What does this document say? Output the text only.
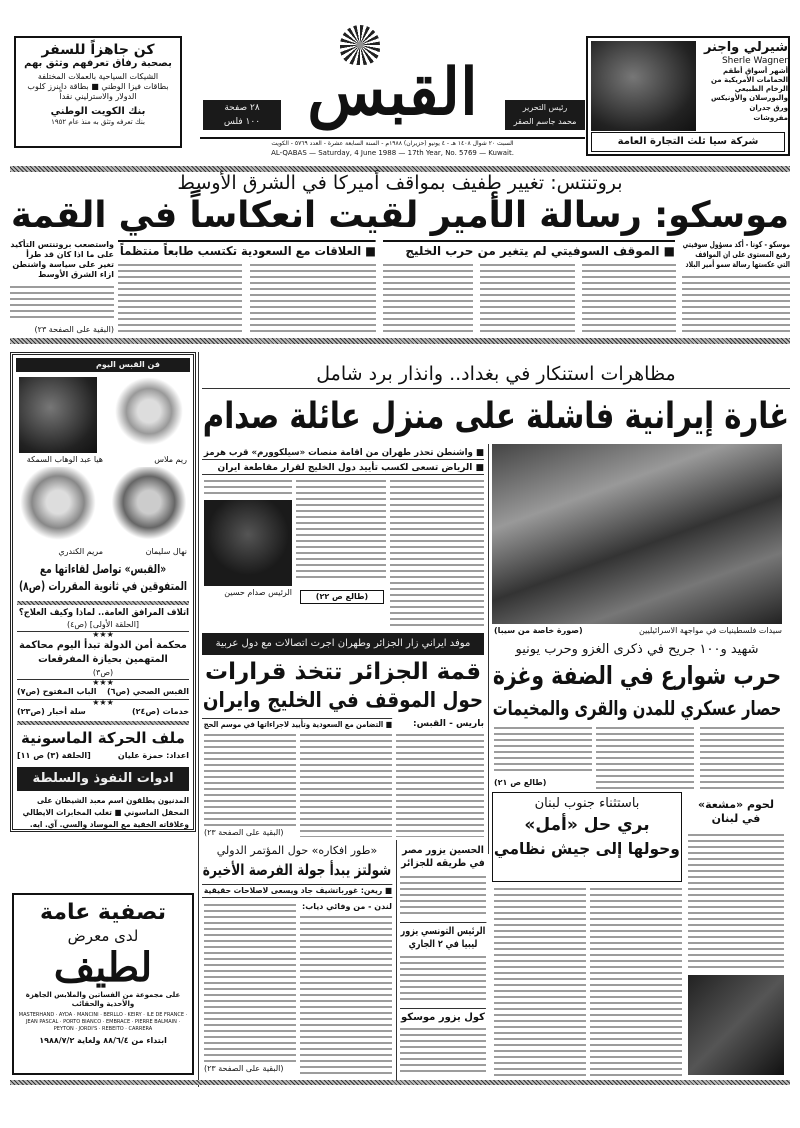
كن جاهزاً للسفر
بصحبة رفاق تعرفهم وتثق بهم
الشيكات السياحية بالعملات المختلفة
بطاقات فيزا الوطني ■ بطاقة داينرز كلوب
الدولار والاسترليني نقداً
بنك الكويت الوطني
بنك تعرفه وتثق به منذ عام ١٩٥٢
٢٨ صفحة
١٠٠ فلس القبس	رئيس التحرير
محمد جاسم الصقر
السبت ٢٠ شوال ١٤٠٨ هـ - ٤ يونيو (حزيران) ١٩٨٨م - السنة السابعة عشرة - العدد ٥٧٦٩ - الكويت
AL-QABAS — Saturday, 4 June 1988 — 17th Year, No. 5769 — Kuwait.
شيرلي واجنر
Sherle Wagner
أشهر أسواق أطقم الحمامات الأمريكية من الرخام الطبيعي والبورسلان والأونيكس
ورق جدران
مفروشات
شركة سيا ثلث التجارة العامة
بروتنتس: تغيير طفيف بمواقف أميركا في الشرق الأوسط
موسكو: رسالة الأمير لقيت انعكاساً في القمة
■ الموقف السوفيتي لم يتغير من حرب الخليج
■ العلاقات مع السعودية تكتسب طابعاً منتظماً	موسكو - كونا - أكد مسؤول سوفيتي رفيع المستوى على ان المواقف التي عكستها رسالة سمو أمير البلاد
واستصعب بروتنتس التأكيد على ما اذا كان قد طرأ تغير على سياسة واشنطن ازاء الشرق الأوسط
(البقية على الصفحة ٢٣)
فن القبس اليوم
ريم ملاس
هيا عبد الوهاب السمكة
نهال سليمان
مريم الكندري
«القبس» تواصل لقاءاتها مع المتفوقين في ثانوية المقررات (ص٨)
اتلاف المرافق العامة.. لماذا وكيف العلاج؟
[الحلقة الأولى] (ص٤)
★★★
محكمة أمن الدولة تبدأ اليوم محاكمة المتهمين بحيازة المفرقعات
(ص٣)
★★★
القبس الصحي (ص٦)
الباب المفتوح (ص٧)
★★★
خدمات (ص٢٤)
سلة أخبار (ص٢٣)
ملف الحركة الماسونية
اعداد: حمزة عليان
[الحلقة (٣) ص ١١]
ادوات النفوذ والسلطة
المدنيون يطلقون اسم معبد الشيطان على المحفل الماسوني ■ تغلب المخابرات الايطالي وعلاقاته الخفية مع الموساد والسي. آي. ايه.
مظاهرات استنكار في بغداد.. وانذار برد شامل
غارة إيرانية فاشلة على منزل عائلة صدام
■ واشنطن تحذر طهران من اقامة منصات «سيلكوورم» قرب هرمز
■ الرياض تسعى لكسب تأييد دول الخليج لقرار مقاطعة ايران
الرئيس صدام حسين	(طالع ص ٢٢)
سيدات فلسطينيات في مواجهة الاسرائيليين
(صورة خاصة من سيبا)
موفد ايراني زار الجزائر وطهران اجرت اتصالات مع دول عربية
قمة الجزائر تتخذ قرارات
حول الموقف في الخليج وايران
■ التضامن مع السعودية وتأييد لاجراءاتها في موسم الحج	باريس - القبس:
(البقية على الصفحة ٢٣)
شهيد و١٠٠ جريح في ذكرى الغزو وحرب يونيو
حرب شوارع في الضفة وغزة
حصار عسكري للمدن والقرى والمخيمات
(طالع ص ٢١)
باستثناء جنوب لبنان
بري حل «أمل»
وحولها إلى جيش نظامي
لحوم «مشعة» في لبنان
«طور افكاره» حول المؤتمر الدولي
شولتز يبدأ جولة الفرصة الأخيرة
■ ريغن: غورباتشيف جاد ويسعى لاصلاحات حقيقية
لندن - من وفائي دياب:
(البقية على الصفحة ٢٣)
الحسين يزور مصر في طريقه للجزائر
الرئيس التونسي يزور ليبيا في ٢ الجاري
كول يزور موسكو
تصفية عامة
لدى معرض
لطيف
على مجموعة من الفساتين والملابس الجاهزة والأحذية والحقائب
MASTERHAND · AYDA · MANCINI · BERLLO · KEIRY · ILE DE FRANCE · JEAN PASCAL · PORTO BIANCO · EMBRACE · PIERRE BALMAIN · PEYTON · JORDI'S · REBEITO · CARRERA
ابتداء من ٨٨/٦/٤ ولغاية ١٩٨٨/٧/٢
